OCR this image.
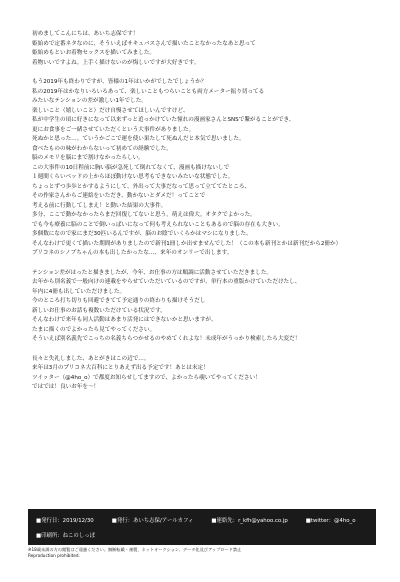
初めましてこんにちは、あいち志保です！
姫始めで定番ネタなのに、そういえばサキュバスさんで描いたことなかったなあと思って
姫始めもといお着物セックスを描いてみました。
着物いいですよね。上手く描けないのが悔しいですが大好きです。
もう2019年も終わりですが、皆様の1年はいかがでしたでしょうか？
私の2019年はかなりいろいろあって、楽しいこともつらいことも両方メーター振り切ってる
みたいなテンションの差が激しい1年でした。
楽しいこと（嬉しいこと）だけ自慢させてほしいんですけど、
私が中学生の頃に好きになって以来ずっと追っかけていた憧れの漫画家さんとSNSで繋がることができ、
更にお食事をご一緒させていただくという大事件がありました。
死ぬかと思った…。ていうかごこで運を使い果たして死ぬんだと本気で思いました。
食べたものの味がわからないって初めての経験でした。
脳のメモリを脳にまで割けなかったらしい。
この大事件の10日程前に胸い脳が急死して倒れてなくて、漫画も描けないしで
１週間くらいベッドの上からほぼ動けない思考もできないみたいな状態でした。
ちょっとずつ歩歩とかするようにして、外出って大事だなって思って立ててたところ、
その作家さんからご連絡をいただき、動かないとダメだ！ってことで
考える前に行動してしまえ！と動いた結果の大事件。
多分、ここで動かなかったらまだ回復してないと思う。萌えは偉大。オタクでよかった。
でも今も療養に脳のことで倒いっぱいになって何も考えられないこともあるので脳の存在も大きい。
多個数になので家にまだ30匹いるんですが、脳のお陰でいくらかはマシになりました。
そんなわけで更くて描いた期間がありましたので新刊1冊しか出せませんでした！（この本も新刊とかは新刊だから2冊か）
プリコネのシノブちゃんの本も出したかったな…、来年のオンリーで出します。
テンション差がはったと描きましたが、今年、お仕事の方は順調に活動させていただきました。
去年から別名義で一般向けの連載をやらせていただいているのですが、単行本の重版かけていただけたし、
年内に4冊も出していただけました。
今のところ打ち切りも回避できてて予定通りの終わりも描けそうだし
新しいお仕事のお話も複数いただけている状況です。
そんなわけで来年も同人活動はあまり活発にはできないかと思いますが、
たまに描くのでよかったら見てやってください。
そういえば別名義先でこっちの名義ちらつかせるのやめてくれよな！未成年がうっかり検索したら大変だ！
長々と失礼しました、あとがきはこの辺で…。
来年は3月のプリコネ大百科にとりあえず出る予定です！あとは未定！
ツイッター（@4ho_o）で都度お知らせしてますので、よかったら覗いてやってください！
ではでは！良いお年を～！
■発行日：2019/12/30	■発行：あいち志保/アールカフィ	■連絡先：r_kfh@yahoo.co.jp	■twitter：@4ho_o
■印刷所：ねこのしっぽ
※18歳未満の方の閲覧はご遠慮ください。無断転載・複製、ネットオークション、データ化及びアップロード禁止
Reproduction prohibited.
